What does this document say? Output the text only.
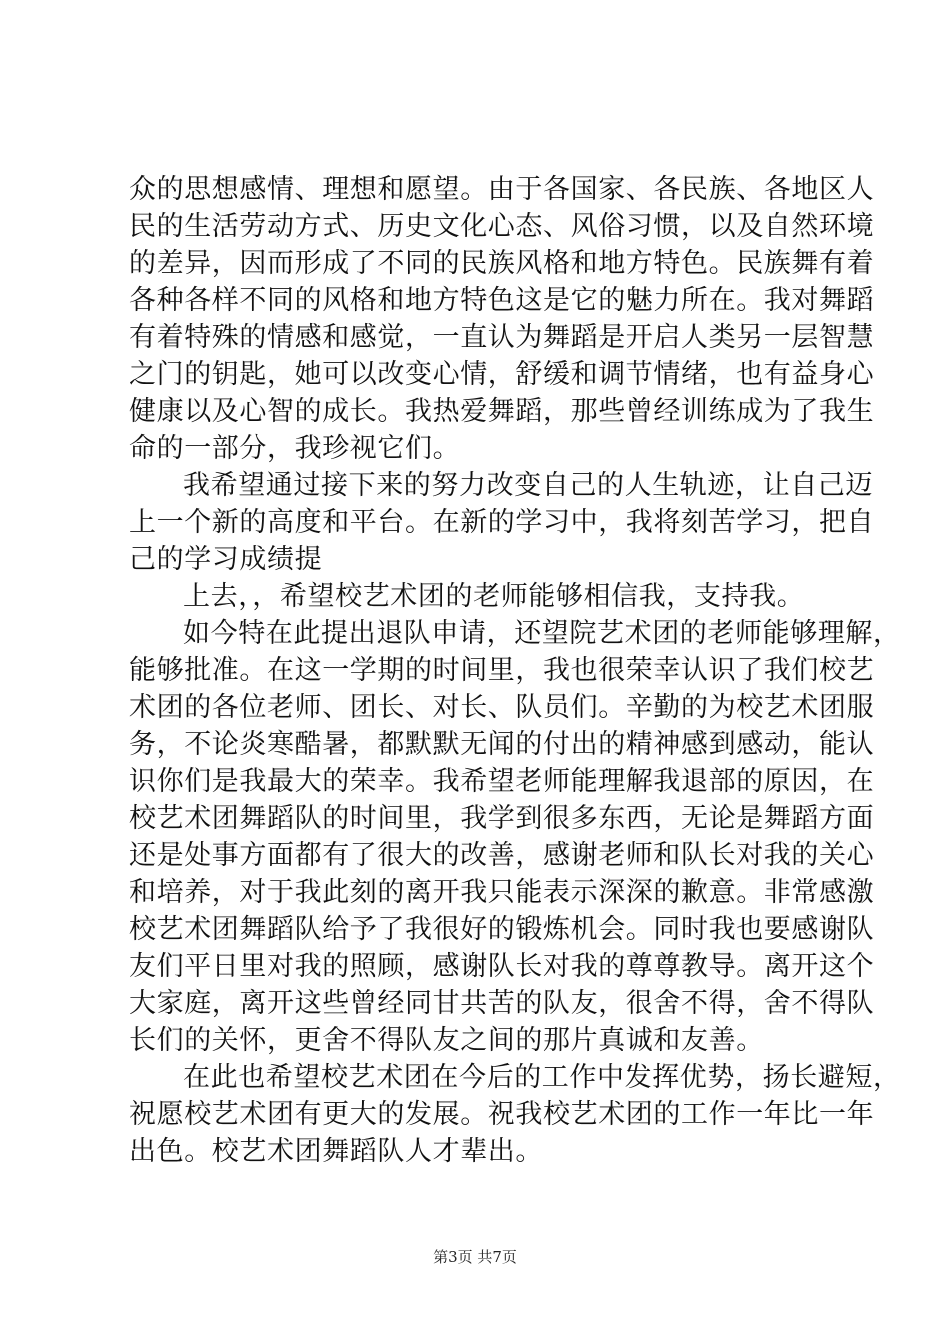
众的思想感情、理想和愿望。由于各国家、各民族、各地区人
民的生活劳动方式、历史文化心态、风俗习惯，以及自然环境
的差异，因而形成了不同的民族风格和地方特色。民族舞有着
各种各样不同的风格和地方特色这是它的魅力所在。我对舞蹈
有着特殊的情感和感觉，一直认为舞蹈是开启人类另一层智慧
之门的钥匙，她可以改变心情，舒缓和调节情绪，也有益身心
健康以及心智的成长。我热爱舞蹈，那些曾经训练成为了我生
命的一部分，我珍视它们。
我希望通过接下来的努力改变自己的人生轨迹，让自己迈
上一个新的高度和平台。在新的学习中，我将刻苦学习，把自
己的学习成绩提
上去，，希望校艺术团的老师能够相信我，支持我。
如今特在此提出退队申请，还望院艺术团的老师能够理解，
能够批准。在这一学期的时间里，我也很荣幸认识了我们校艺
术团的各位老师、团长、对长、队员们。辛勤的为校艺术团服
务，不论炎寒酷暑，都默默无闻的付出的精神感到感动，能认
识你们是我最大的荣幸。我希望老师能理解我退部的原因，在
校艺术团舞蹈队的时间里，我学到很多东西，无论是舞蹈方面
还是处事方面都有了很大的改善，感谢老师和队长对我的关心
和培养，对于我此刻的离开我只能表示深深的歉意。非常感激
校艺术团舞蹈队给予了我很好的锻炼机会。同时我也要感谢队
友们平日里对我的照顾，感谢队长对我的尊尊教导。离开这个
大家庭，离开这些曾经同甘共苦的队友，很舍不得，舍不得队
长们的关怀，更舍不得队友之间的那片真诚和友善。
在此也希望校艺术团在今后的工作中发挥优势，扬长避短，
祝愿校艺术团有更大的发展。祝我校艺术团的工作一年比一年
出色。校艺术团舞蹈队人才辈出。
第3页 共7页
